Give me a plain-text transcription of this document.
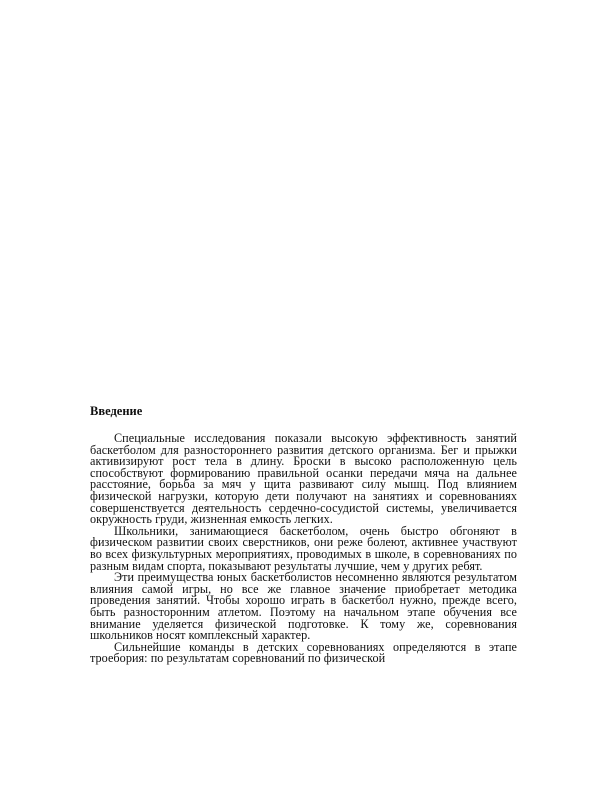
Введение

Специальные исследования показали высокую эффективность занятий баскетболом для разностороннего развития детского организма. Бег и прыжки активизируют рост тела в длину. Броски в высоко расположенную цель способствуют формированию правильной осанки передачи мяча на дальнее расстояние, борьба за мяч у щита развивают силу мышц. Под влиянием физической нагрузки, которую дети получают на занятиях и соревнованиях совершенствуется деятельность сердечно-сосудистой системы, увеличивается окружность груди, жизненная емкость легких.

Школьники, занимающиеся баскетболом, очень быстро обгоняют в физическом развитии своих сверстников, они реже болеют, активнее участвуют во всех физкультурных мероприятиях, проводимых в школе, в соревнованиях по разным видам спорта, показывают результаты лучшие, чем у других ребят.

Эти преимущества юных баскетболистов несомненно являются результатом влияния самой игры, но все же главное значение приобретает методика проведения занятий. Чтобы хорошо играть в баскетбол нужно, прежде всего, быть разносторонним атлетом. Поэтому на начальном этапе обучения все внимание уделяется физической подготовке. К тому же, соревнования школьников носят комплексный характер.

Сильнейшие команды в детских соревнованиях определяются в этапе троебория: по результатам соревнований по физической
